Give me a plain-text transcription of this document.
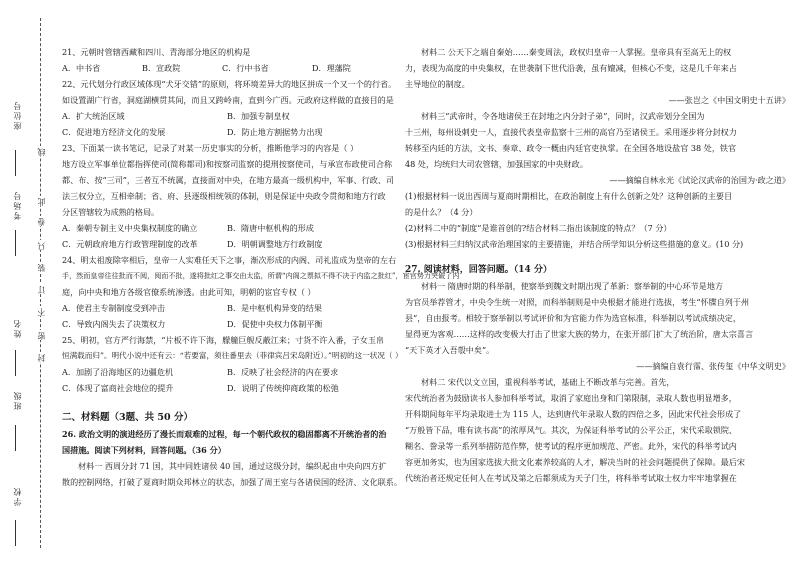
座位号
考场号
姓名
班级
学校
线
此
卷
只
装
订
不
密
封

21、元朝时管辖西藏和四川、青海部分地区的机构是

A．中书省	B．宣政院	C．行中书省	D．理藩院

22、元代划分行政区域体现“犬牙交错”的原则，将环境差异大的地区拼成一个又一个的行省。

如设置湖广行省，洞庭湖横贯其间，而且又跨岭南，直到今广西。元政府这样做的直接目的是

A．扩大统治区域	B．加强专制皇权

C．促进地方经济文化的发展	D．防止地方割据势力出现

23、下面某一读书笔记，记录了对某一历史事实的分析，推断他学习的内容是（ ）

地方设立军事单位都指挥使司(简称都司)和按察司监察的提刑按察使司，与承宣布政使司合称

都、布、按“三司”，三者互不统属，直接面对中央，在地方最高一级机构中，军事、行政、司

法三权分立，互相牵制；省、府、县逐级相统领的体制，则是保证中央政令贯彻和地方行政

分区管辖较为成熟的格局。

A．秦朝专制主义中央集权制度的确立	B．隋唐中枢机构的形成

C．元朝政府地方行政管理制度的改革	D．明朝调整地方行政制度

24、明太祖废除宰相后，皇帝一人实难任天下之事，渐次形成的内阁、司礼监成为皇帝的左右

手，然而皇帝往往批而不阅，阅而不批，遂将批红之事交由太监，所谓“内阁之票拟不得不决于内监之批红”，宦官势力突破了内

庭，向中央和地方各级官僚系统渗透。由此可知，明朝的宦官专权（ ）

A．使君主专制制度受到冲击	B．是中枢机构异变的结果

C．导致内阁失去了决策权力	D．促使中央权力体制平衡

25、明初，官方严行海禁，“片板不许下海，艨艟巨舰反蔽江来；寸货不许入番，子女玉帛

恒满载而归”。明代小说中还有云：“若要富，须往番里去（菲律宾吕宋岛附近）。”明初的这一状况（ ）

A．加剧了沿海地区的边疆危机	B．反映了社会经济的内在要求

C．体现了富商社会地位的提升	D．说明了传统抑商政策的松弛

二、材料题（3题、共 50 分）

26. 政治文明的演进经历了漫长而艰难的过程，每一个朝代政权的稳固都离不开统治者的治

国措施。阅读下列材料，回答问题。（36 分）

材料一 西周分封 71 国，其中同姓诸侯 40 国，通过这级分封，编织起由中央向四方扩

散的控制网络，打破了夏商时期众邦林立的状态，加强了周王室与各诸侯国的经济、文化联系。

材料二 公天下之端自秦始……秦变周法，政权归皇帝一人掌握。皇帝具有至高无上的权

力，表现为高度的中央集权，在世袭制下世代沿袭，虽有嬗减，但核心不变，这是几千年来占

主导地位的制度。

——张岂之《中国文明史十五讲》

材料三“武帝时，令各地诸侯王在封地之内分封子弟”，同时，汉武帝划分全国为

十三州，每州设刺史一人，直接代表皇帝监察十三州的高官乃至诸侯王。采用逐步将分封权力

转移至内廷的方法，文书、奏章、政令一概由内廷官吏执掌。在全国各地设盐官 38 处，铁官

48 处，均统归大司农管辖，加强国家的中央财政。

——摘编自林永光《试论汉武帝的治国为·政之道》

(1)根据材料一说出西周与夏商时期相比，在政治制度上有什么创新之处？这种创新的主要目

的是什么？（4 分）

(2)材料二中的“制度”是谁首创的?结合材料二指出该制度的特点？（7 分）

(3)根据材料三归纳汉武帝治理国家的主要措施，并结合所学知识分析这些措施的意义。(10 分)

27. 阅读材料，回答问题。（14 分）

材料一 隋唐时期的科举制，使察举到魏文时期出现了革新：察举制的中心环节是地方

为官员举荐管才，中央令生统一对照，而科举制则是中央根据才能进行选拔，考生“怀牒自列于州

县”，自由报考。相较于察举制以考试评价和为官能力作为选官标准，科举制以考试成绩决定，

显得更为客观……这样的改变极大打击了世家大族的势力，在张开部门扩大了统治阶，唐太宗喜言

“天下英才入吾彀中矣”。

——摘编自袁行霈、张传玺《中华文明史》

材料二 宋代以文立国，重视科举考试，基础上不断改革与完善。首先，

宋代统治者为鼓励读书人参加科举考试，取消了家庭出身和门第限制，录取人数也明显增多，

开科期间每年平均录取进士为 115 人，达到唐代年录取人数的四倍之多，因此宋代社会形成了

“万般皆下品，唯有读书高”的浓厚风气。其次，为保证科举考试的公平公正，宋代采取锁院、

糊名、誊录等一系列举措防范作弊，使考试的程序更加规范、严密。此外，宋代的科举考试内

容更加务实，也为国家选拔大批文化素养较高的人才，解决当时的社会问题提供了保障。最后宋

代统治者还规定任何人在考试及第之后都须成为天子门生，将科举考试取士权力牢牢地掌握在
